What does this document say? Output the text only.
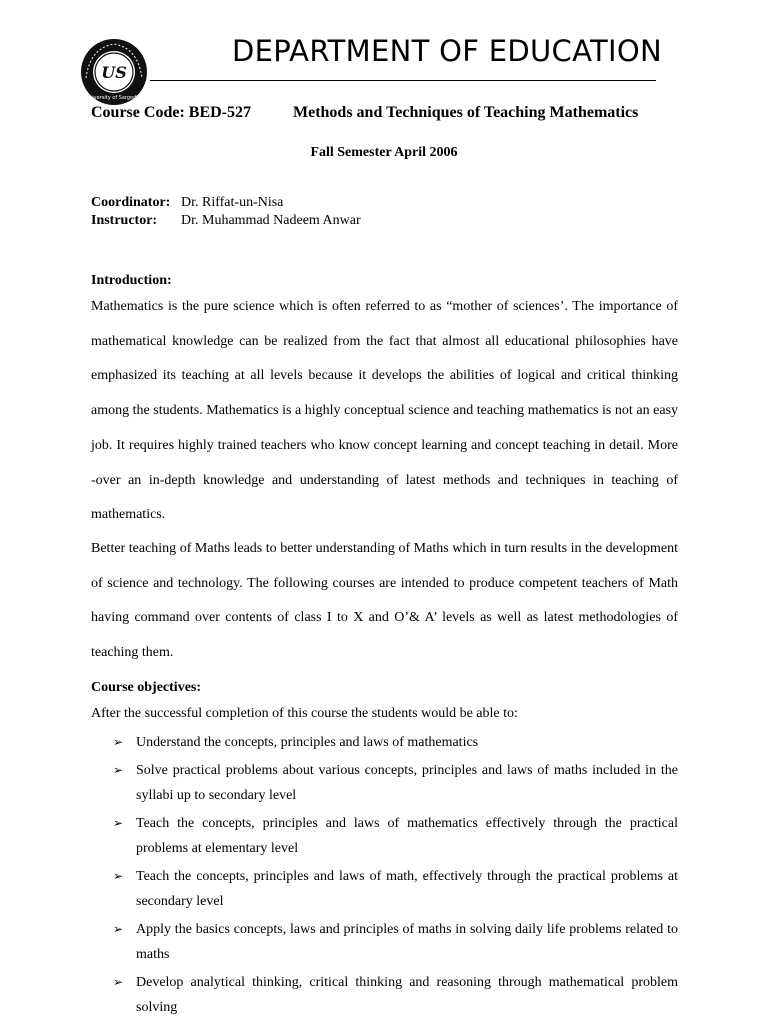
US
University of Sargodha
DEPARTMENT OF EDUCATION
Course Code: BED-527	Methods and Techniques of Teaching Mathematics
Fall Semester April 2006
Coordinator: Dr. Riffat-un-Nisa
Instructor: Dr. Muhammad Nadeem Anwar
Introduction:

Mathematics is the pure science which is often referred to as “mother of sciences’. The importance of mathematical knowledge can be realized from the fact that almost all educational philosophies have emphasized its teaching at all levels because it develops the abilities of logical and critical thinking among the students. Mathematics is a highly conceptual science and teaching mathematics is not an easy job. It requires highly trained teachers who know concept learning and concept teaching in detail. More -over an in-depth knowledge and understanding of latest methods and techniques in teaching of mathematics.

Better teaching of Maths leads to better understanding of Maths which in turn results in the development of science and technology. The following courses are intended to produce competent teachers of Math having command over contents of class I to X and O’& A’ levels as well as latest methodologies of teaching them.

Course objectives:
After the successful completion of this course the students would be able to:
➢ Understand the concepts, principles and laws of mathematics
➢ Solve practical problems about various concepts, principles and laws of maths included in the syllabi up to secondary level
➢ Teach the concepts, principles and laws of mathematics effectively through the practical problems at elementary level
➢ Teach the concepts, principles and laws of math, effectively through the practical problems at secondary level
➢ Apply the basics concepts, laws and principles of maths in solving daily life problems related to maths
➢ Develop analytical thinking, critical thinking and reasoning through mathematical problem solving
